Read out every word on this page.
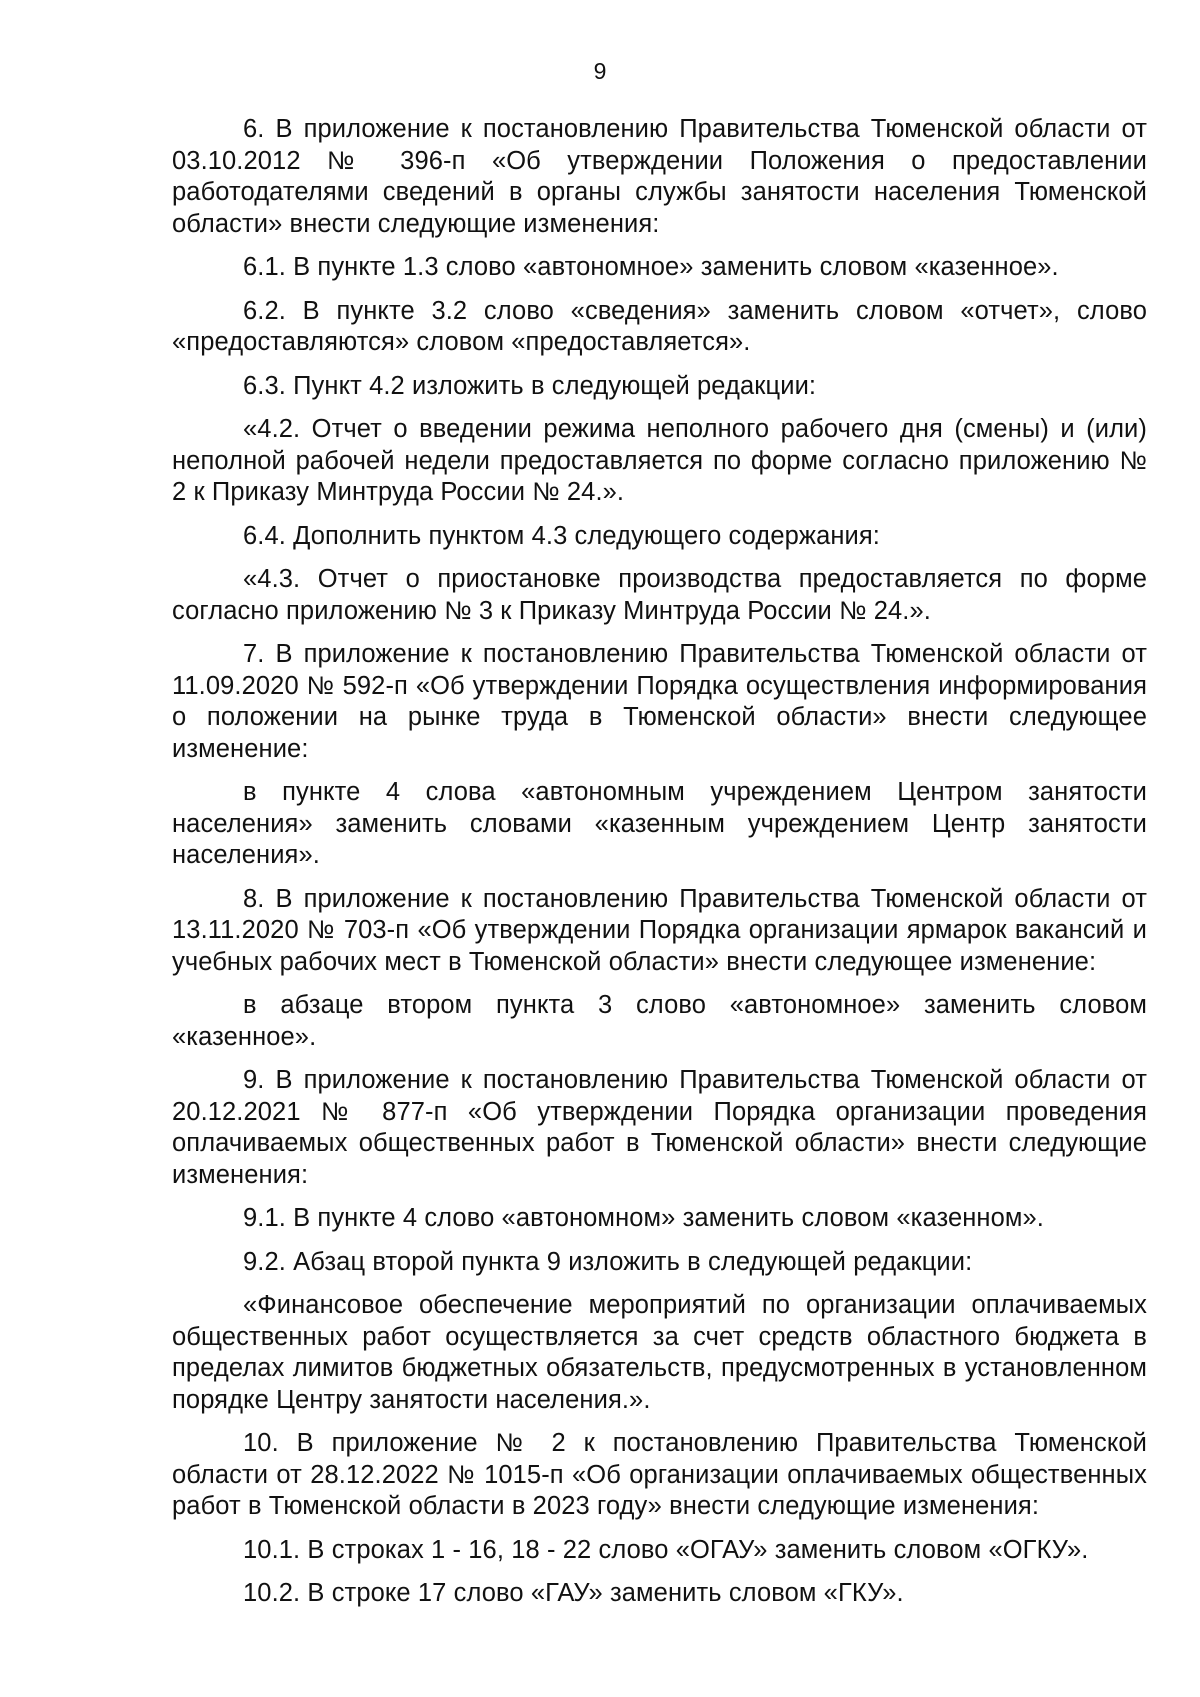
9

6. В приложение к постановлению Правительства Тюменской области от 03.10.2012 № 396-п «Об утверждении Положения о предоставлении работодателями сведений в органы службы занятости населения Тюменской области» внести следующие изменения:

6.1. В пункте 1.3 слово «автономное» заменить словом «казенное».

6.2. В пункте 3.2 слово «сведения» заменить словом «отчет», слово «предоставляются» словом «предоставляется».

6.3. Пункт 4.2 изложить в следующей редакции:

«4.2. Отчет о введении режима неполного рабочего дня (смены) и (или) неполной рабочей недели предоставляется по форме согласно приложению № 2 к Приказу Минтруда России № 24.».

6.4. Дополнить пунктом 4.3 следующего содержания:

«4.3. Отчет о приостановке производства предоставляется по форме согласно приложению № 3 к Приказу Минтруда России № 24.».

7. В приложение к постановлению Правительства Тюменской области от 11.09.2020 № 592-п «Об утверждении Порядка осуществления информирования о положении на рынке труда в Тюменской области» внести следующее изменение:

в пункте 4 слова «автономным учреждением Центром занятости населения» заменить словами «казенным учреждением Центр занятости населения».

8. В приложение к постановлению Правительства Тюменской области от 13.11.2020 № 703-п «Об утверждении Порядка организации ярмарок вакансий и учебных рабочих мест в Тюменской области» внести следующее изменение:

в абзаце втором пункта 3 слово «автономное» заменить словом «казенное».

9. В приложение к постановлению Правительства Тюменской области от 20.12.2021 № 877-п «Об утверждении Порядка организации проведения оплачиваемых общественных работ в Тюменской области» внести следующие изменения:

9.1. В пункте 4 слово «автономном» заменить словом «казенном».

9.2. Абзац второй пункта 9 изложить в следующей редакции:

«Финансовое обеспечение мероприятий по организации оплачиваемых общественных работ осуществляется за счет средств областного бюджета в пределах лимитов бюджетных обязательств, предусмотренных в установленном порядке Центру занятости населения.».

10. В приложение № 2 к постановлению Правительства Тюменской области от 28.12.2022 № 1015-п «Об организации оплачиваемых общественных работ в Тюменской области в 2023 году» внести следующие изменения:

10.1. В строках 1 - 16, 18 - 22 слово «ОГАУ» заменить словом «ОГКУ».

10.2. В строке 17 слово «ГАУ» заменить словом «ГКУ».
